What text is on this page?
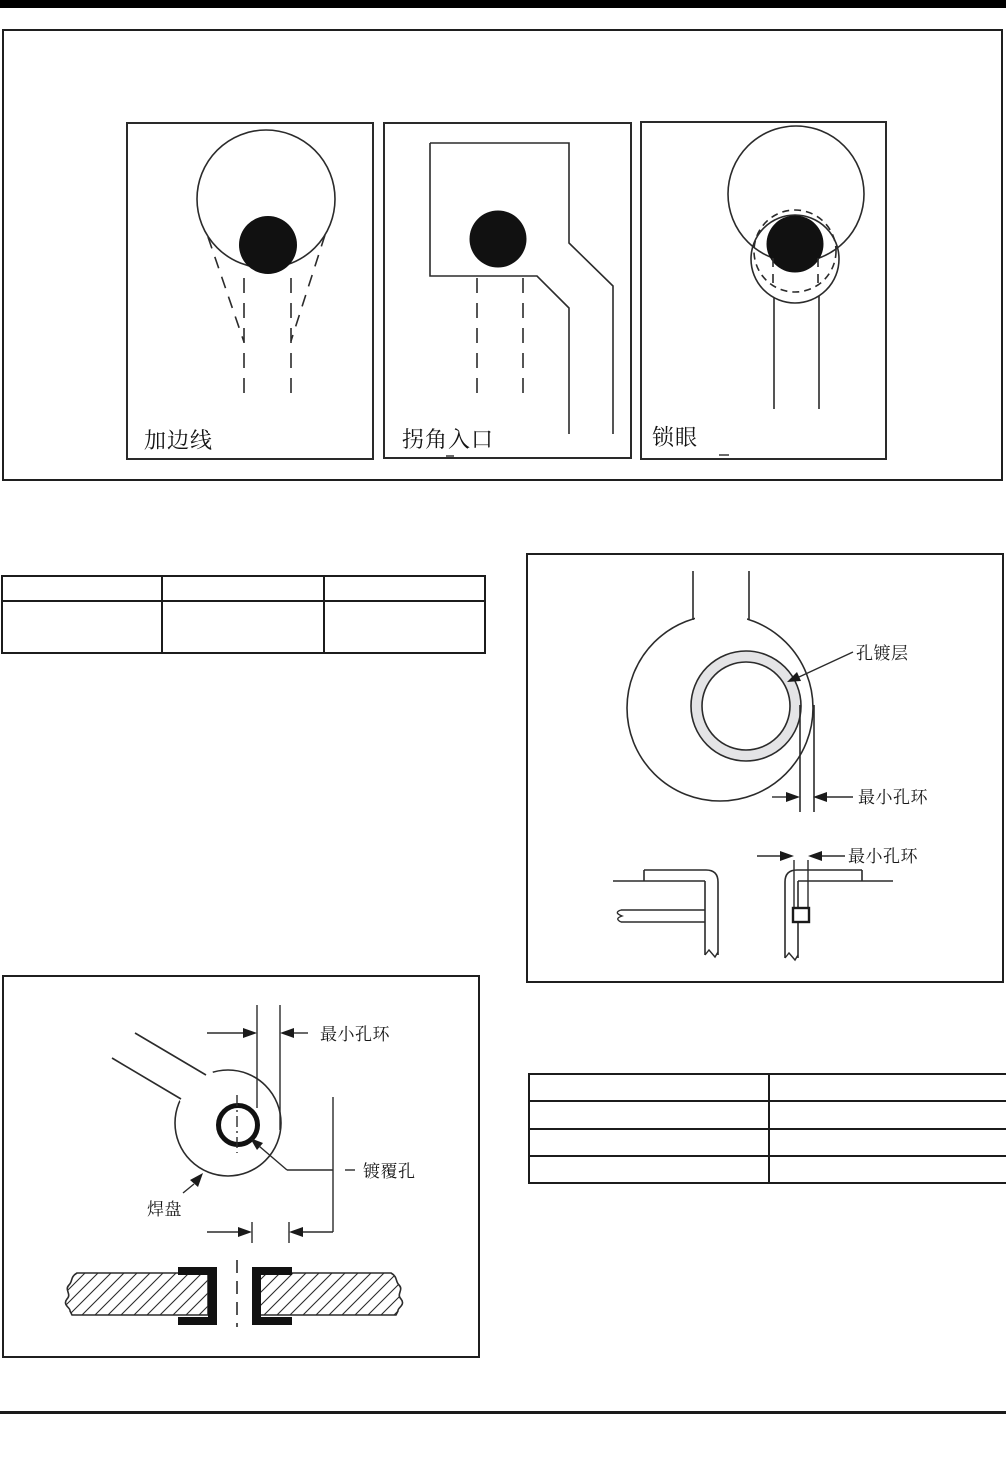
加边线	拐角入口	锁眼

孔镀层
最小孔环
最小孔环
最小孔环
镀覆孔
焊盘
